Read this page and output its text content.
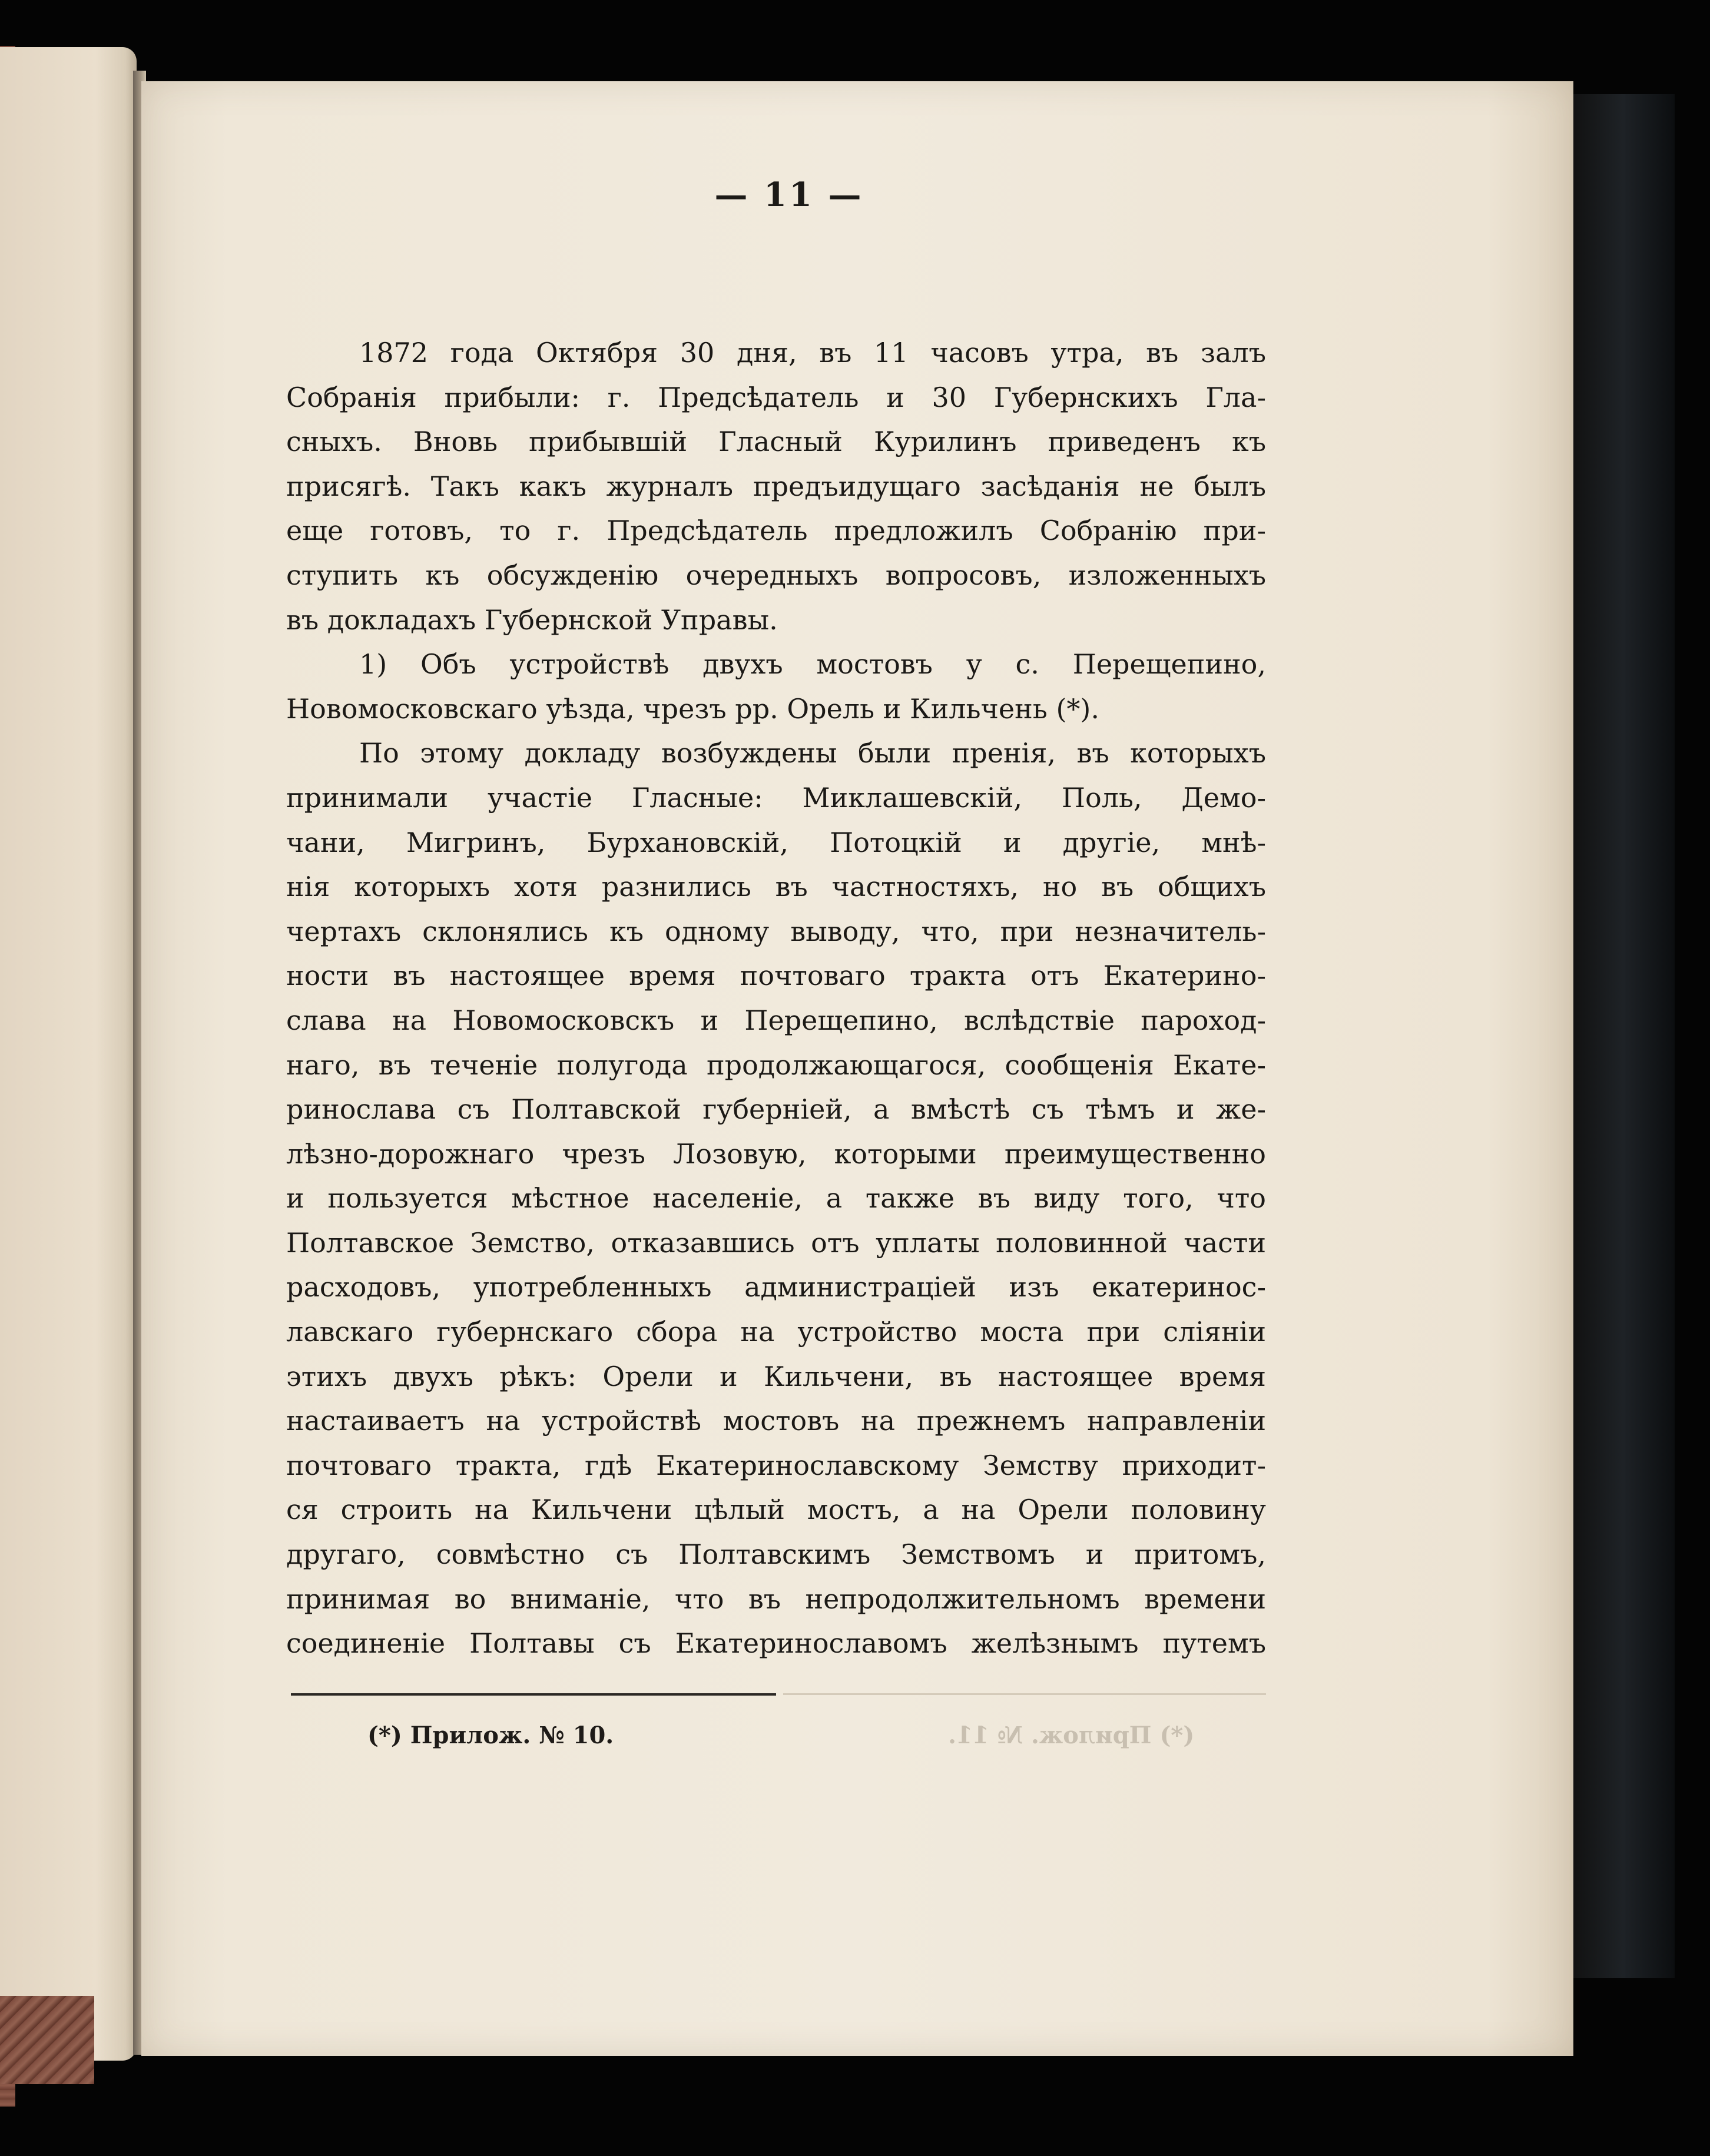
— 11 —
1872 года Октября 30 дня, въ 11 часовъ утра, въ залъ
Собранія прибыли: г. Предсѣдатель и 30 Губернскихъ Гла-
сныхъ. Вновь прибывшій Гласный Курилинъ приведенъ къ
присягѣ. Такъ какъ журналъ предъидущаго засѣданія не былъ
еще готовъ, то г. Предсѣдатель предложилъ Собранію при-
ступить къ обсужденію очередныхъ вопросовъ, изложенныхъ
въ докладахъ Губернской Управы.
1) Объ устройствѣ двухъ мостовъ у с. Перещепино,
Новомосковскаго уѣзда, чрезъ рр. Орель и Кильчень (*).
По этому докладу возбуждены были пренія, въ которыхъ
принимали участіе Гласные: Миклашевскій, Поль, Демо-
чани, Мигринъ, Бурхановскій, Потоцкій и другіе, мнѣ-
нія которыхъ хотя разнились въ частностяхъ, но въ общихъ
чертахъ склонялись къ одному выводу, что, при незначитель-
ности въ настоящее время почтоваго тракта отъ Екатерино-
слава на Новомосковскъ и Перещепино, вслѣдствіе пароход-
наго, въ теченіе полугода продолжающагося, сообщенія Екате-
ринослава съ Полтавской губерніей, а вмѣстѣ съ тѣмъ и же-
лѣзно-дорожнаго чрезъ Лозовую, которыми преимущественно
и пользуется мѣстное населеніе, а также въ виду того, что
Полтавское Земство, отказавшись отъ уплаты половинной части
расходовъ, употребленныхъ администраціей изъ екатеринос-
лавскаго губернскаго сбора на устройство моста при сліяніи
этихъ двухъ рѣкъ: Орели и Кильчени, въ настоящее время
настаиваетъ на устройствѣ мостовъ на прежнемъ направленіи
почтоваго тракта, гдѣ Екатеринославскому Земству приходит-
ся строить на Кильчени цѣлый мостъ, а на Орели половину
другаго, совмѣстно съ Полтавскимъ Земствомъ и притомъ,
принимая во вниманіе, что въ непродолжительномъ времени
соединеніе Полтавы съ Екатеринославомъ желѣзнымъ путемъ
(*) Прилож. № 10.	(*) Прилож. № 11.
